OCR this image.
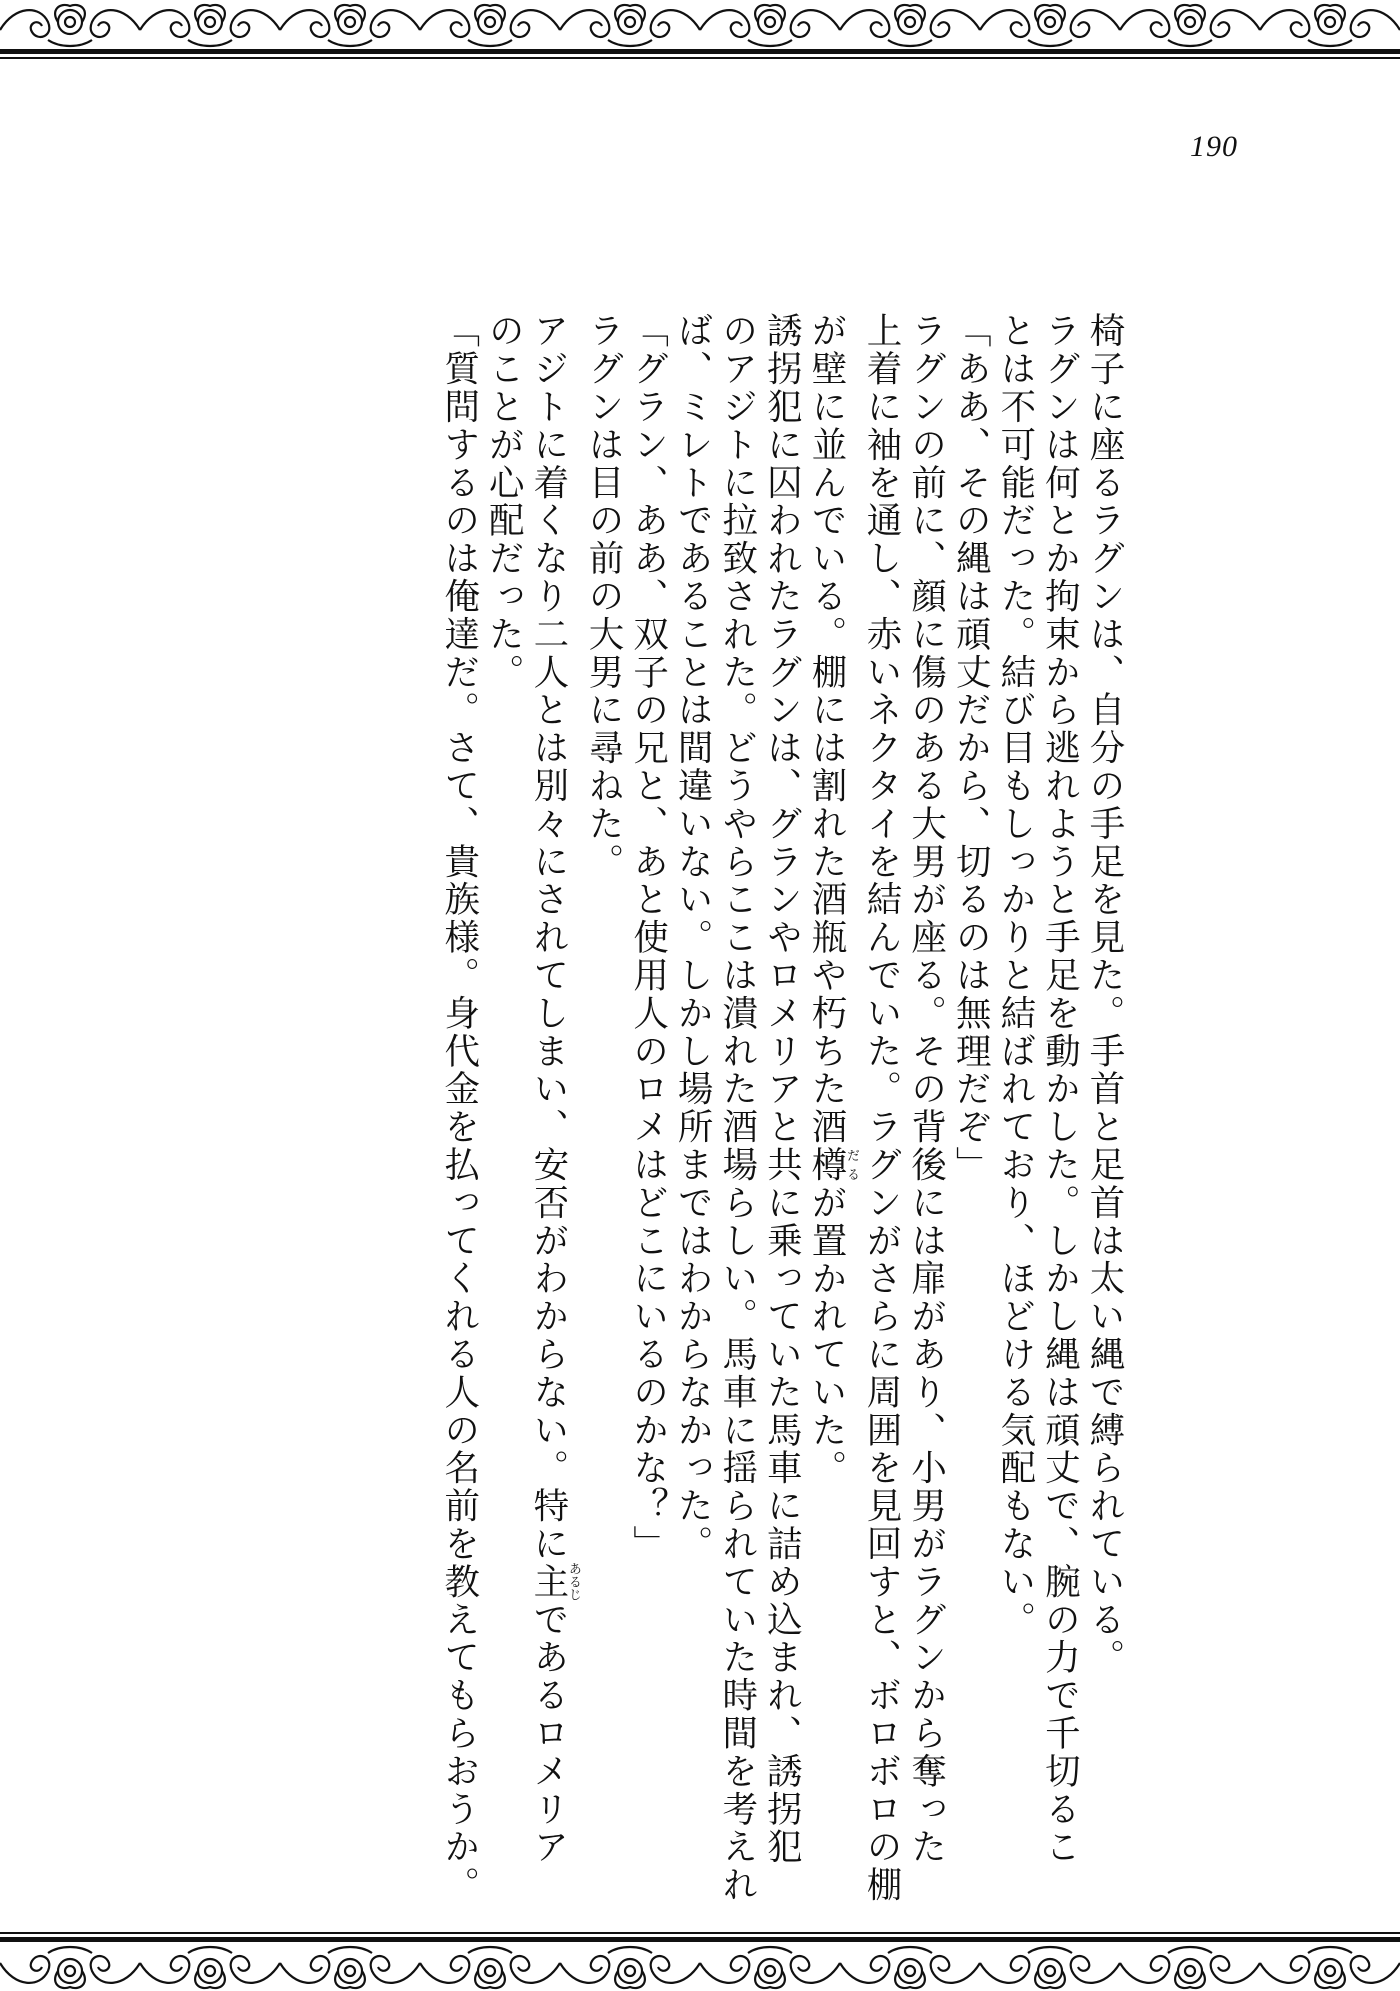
190

椅子に座るラグンは、自分の手足を見た。手首と足首は太い縄で縛られている。

ラグンは何とか拘束から逃れようと手足を動かした。しかし縄は頑丈で、腕の力で千切るこ

とは不可能だった。結び目もしっかりと結ばれており、ほどける気配もない。

「ああ、その縄は頑丈だから、切るのは無理だぞ」

ラグンの前に、顔に傷のある大男が座る。その背後には扉があり、小男がラグンから奪った

上着に袖を通し、赤いネクタイを結んでいた。ラグンがさらに周囲を見回すと、ボロボロの棚

が壁に並んでいる。棚には割れた酒瓶や朽ちた酒樽だるが置かれていた。

誘拐犯に囚われたラグンは、グランやロメリアと共に乗っていた馬車に詰め込まれ、誘拐犯

のアジトに拉致された。どうやらここは潰れた酒場らしい。馬車に揺られていた時間を考えれ

ば、ミレトであることは間違いない。しかし場所まではわからなかった。

「グラン、ああ、双子の兄と、あと使用人のロメはどこにいるのかな？」

ラグンは目の前の大男に尋ねた。

アジトに着くなり二人とは別々にされてしまい、安否がわからない。特に主あるじであるロメリア

のことが心配だった。

「質問するのは俺達だ。さて、貴族様。身代金を払ってくれる人の名前を教えてもらおうか。
